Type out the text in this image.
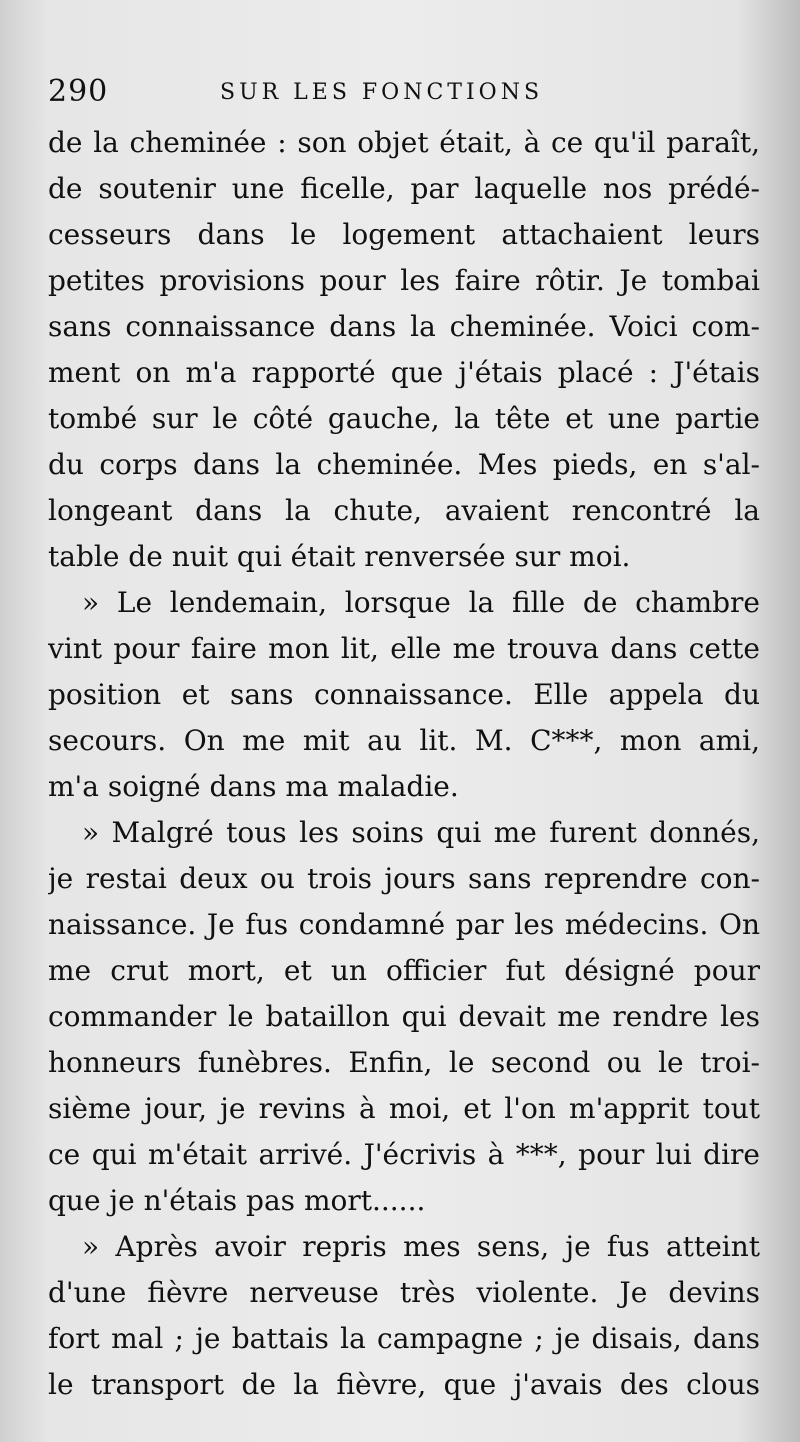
290	SUR LES FONCTIONS
de la cheminée : son objet était, à ce qu'il paraît,
de soutenir une ficelle, par laquelle nos prédé-
cesseurs dans le logement attachaient leurs
petites provisions pour les faire rôtir. Je tombai
sans connaissance dans la cheminée. Voici com-
ment on m'a rapporté que j'étais placé : J'étais
tombé sur le côté gauche, la tête et une partie
du corps dans la cheminée. Mes pieds, en s'al-
longeant dans la chute, avaient rencontré la
table de nuit qui était renversée sur moi.
» Le lendemain, lorsque la fille de chambre
vint pour faire mon lit, elle me trouva dans cette
position et sans connaissance. Elle appela du
secours. On me mit au lit. M. C***, mon ami,
m'a soigné dans ma maladie.
» Malgré tous les soins qui me furent donnés,
je restai deux ou trois jours sans reprendre con-
naissance. Je fus condamné par les médecins. On
me crut mort, et un officier fut désigné pour
commander le bataillon qui devait me rendre les
honneurs funèbres. Enfin, le second ou le troi-
sième jour, je revins à moi, et l'on m'apprit tout
ce qui m'était arrivé. J'écrivis à ***, pour lui dire
que je n'étais pas mort......
» Après avoir repris mes sens, je fus atteint
d'une fièvre nerveuse très violente. Je devins
fort mal ; je battais la campagne ; je disais, dans
le transport de la fièvre, que j'avais des clous
